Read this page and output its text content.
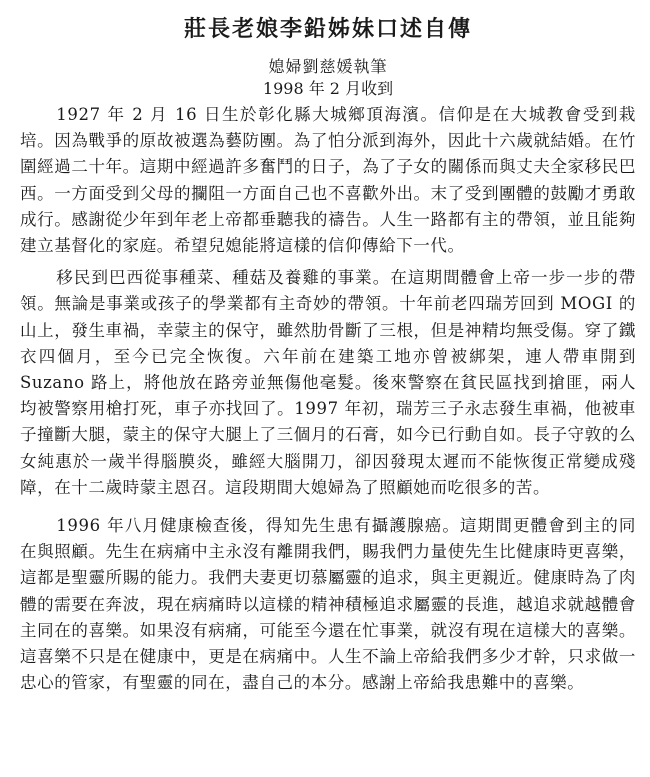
莊長老娘李鉛姊妹口述自傳

媳婦劉慈媛執筆

1998 年 2 月收到

1927 年 2 月 16 日生於彰化縣大城鄉頂海濱。信仰是在大城教會受到栽培。因為戰爭的原故被選為藝防團。為了怕分派到海外，因此十六歲就結婚。在竹圍經過二十年。這期中經過許多奮鬥的日子，為了子女的關係而與丈夫全家移民巴西。一方面受到父母的攔阻一方面自己也不喜歡外出。末了受到團體的鼓勵才勇敢成行。感謝從少年到年老上帝都垂聽我的禱告。人生一路都有主的帶領，並且能夠建立基督化的家庭。希望兒媳能將這樣的信仰傳給下一代。

移民到巴西從事種菜、種菇及養雞的事業。在這期間體會上帝一步一步的帶領。無論是事業或孩子的學業都有主奇妙的帶領。十年前老四瑞芳回到 MOGI 的山上，發生車禍，幸蒙主的保守，雖然肋骨斷了三根，但是神精均無受傷。穿了鐵衣四個月，至今已完全恢復。六年前在建築工地亦曾被綁架，連人帶車開到 Suzano 路上，將他放在路旁並無傷他毫髮。後來警察在貧民區找到搶匪，兩人均被警察用槍打死，車子亦找回了。1997 年初，瑞芳三子永志發生車禍，他被車子撞斷大腿，蒙主的保守大腿上了三個月的石膏，如今已行動自如。長子守敦的么女純惠於一歲半得腦膜炎，雖經大腦開刀，卻因發現太遲而不能恢復正常變成殘障，在十二歲時蒙主恩召。這段期間大媳婦為了照顧她而吃很多的苦。

1996 年八月健康檢查後，得知先生患有攝護腺癌。這期間更體會到主的同在與照顧。先生在病痛中主永沒有離開我們，賜我們力量使先生比健康時更喜樂，這都是聖靈所賜的能力。我們夫妻更切慕屬靈的追求，與主更親近。健康時為了肉體的需要在奔波，現在病痛時以這樣的精神積極追求屬靈的長進，越追求就越體會主同在的喜樂。如果沒有病痛，可能至今還在忙事業，就沒有現在這樣大的喜樂。這喜樂不只是在健康中，更是在病痛中。人生不論上帝給我們多少才幹，只求做一忠心的管家，有聖靈的同在，盡自己的本分。感謝上帝給我患難中的喜樂。
